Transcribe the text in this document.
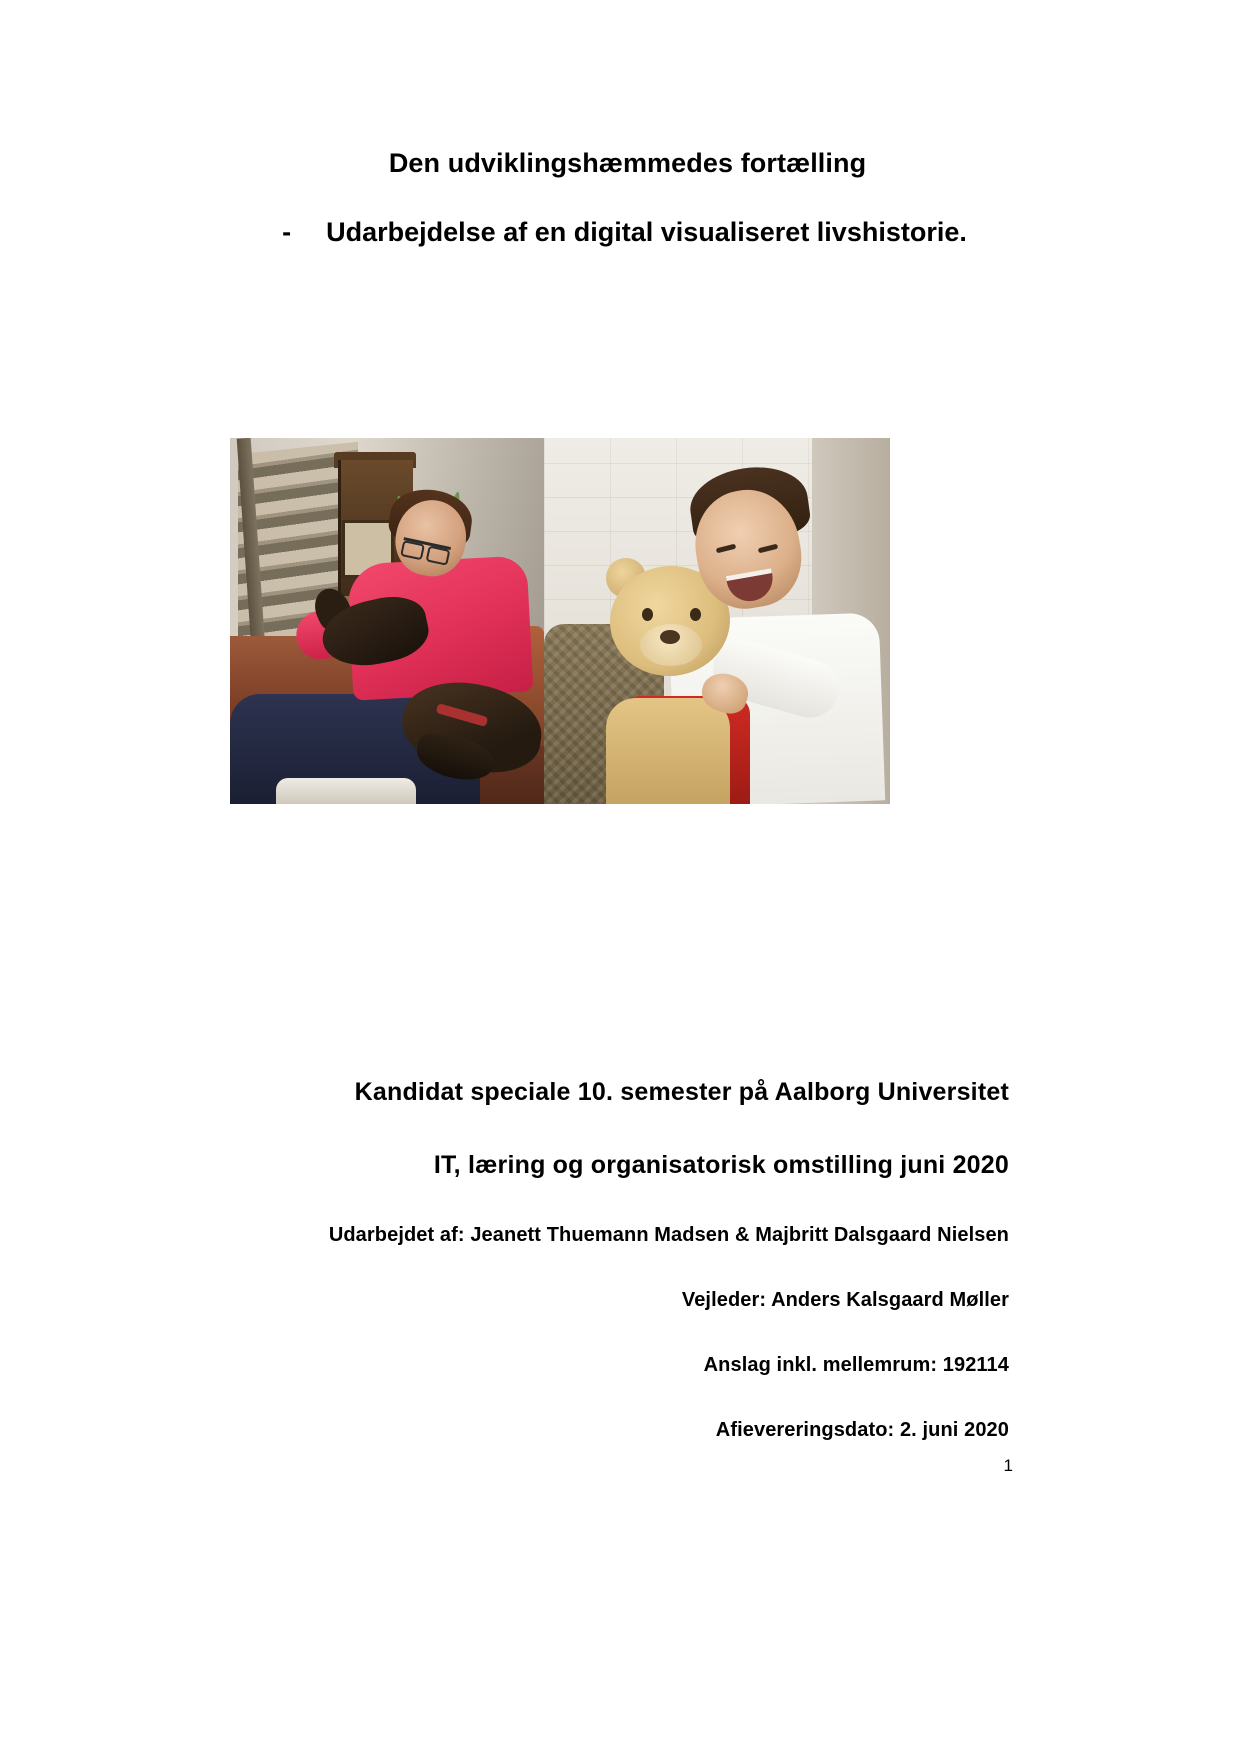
Den udviklingshæmmedes fortælling
- Udarbejdelse af en digital visualiseret livshistorie.
Kandidat speciale 10. semester på Aalborg Universitet
IT, læring og organisatorisk omstilling juni 2020
Udarbejdet af: Jeanett Thuemann Madsen & Majbritt Dalsgaard Nielsen
Vejleder: Anders Kalsgaard Møller
Anslag inkl. mellemrum: 192114
Afievereringsdato: 2. juni 2020
1
